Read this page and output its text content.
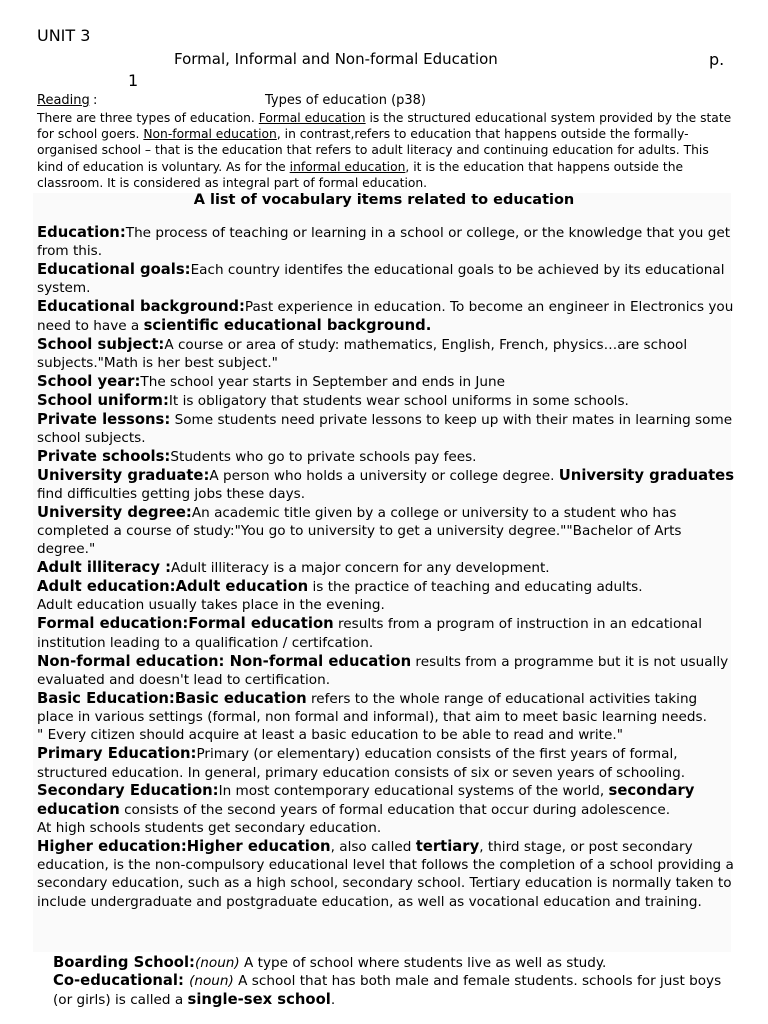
UNIT 3
Formal, Informal and Non-formal Education	p.
1
Reading :	Types of education (p38)
There are three types of education. Formal education is the structured educational system provided by the state for school goers. Non-formal education, in contrast,refers to education that happens outside the formally-organised school – that is the education that refers to adult literacy and continuing education for adults. This kind of education is voluntary. As for the informal education, it is the education that happens outside the classroom. It is considered as integral part of formal education.
A list of vocabulary items related to education
Education:The process of teaching or learning in a school or college, or the knowledge that you get from this.
Educational goals:Each country identifes the educational goals to be achieved by its educational system.
Educational background:Past experience in education. To become an engineer in Electronics you need to have a scientific educational background.
School subject:A course or area of study: mathematics, English, French, physics…are school subjects."Math is her best subject."
School year:The school year starts in September and ends in June
School uniform:It is obligatory that students wear school uniforms in some schools.
Private lessons: Some students need private lessons to keep up with their mates in learning some school subjects.
Private schools:Students who go to private schools pay fees.
University graduate:A person who holds a university or college degree. University graduates find difficulties getting jobs these days.
University degree:An academic title given by a college or university to a student who has completed a course of study:"You go to university to get a university degree.""Bachelor of Arts degree."
Adult illiteracy :Adult illiteracy is a major concern for any development.
Adult education:Adult education is the practice of teaching and educating adults.
Adult education usually takes place in the evening.
Formal education:Formal education results from a program of instruction in an edcational institution leading to a qualification / certifcation.
Non-formal education: Non-formal education results from a programme but it is not usually evaluated and doesn't lead to certification.
Basic Education:Basic education refers to the whole range of educational activities taking place in various settings (formal, non formal and informal), that aim to meet basic learning needs.
" Every citizen should acquire at least a basic education to be able to read and write."
Primary Education:Primary (or elementary) education consists of the first years of formal, structured education. In general, primary education consists of six or seven years of schooling.
Secondary Education:In most contemporary educational systems of the world, secondary education consists of the second years of formal education that occur during adolescence.
At high schools students get secondary education.
Higher education:Higher education, also called tertiary, third stage, or post secondary education, is the non-compulsory educational level that follows the completion of a school providing a secondary education, such as a high school, secondary school. Tertiary education is normally taken to include undergraduate and postgraduate education, as well as vocational education and training.
Boarding School:(noun) A type of school where students live as well as study.
Co-educational: (noun) A school that has both male and female students. schools for just boys (or girls) is called a single-sex school.
